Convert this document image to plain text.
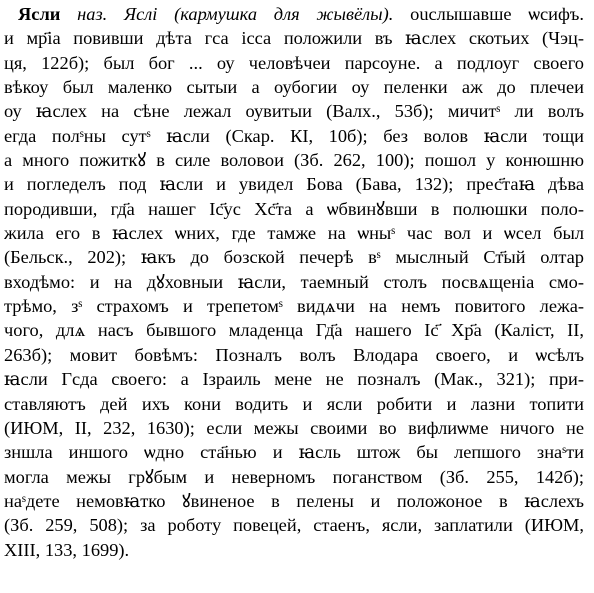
Ясли наз. Яслі (кармушка для жывёлы). ouслышавше ѡсифъ.
и мр҃іа повивши дѣта гса ісса положили въ ꙗслех скотьих (Чэц-
ця, 122б); был бог ... оу человѣчеи парсоуне. а подлоуг своего
вѣкоу был маленко сытыи а оубогии оу пеленки аж до плечеи
оу ꙗслех на сѣне лежал оувитыи (Валх., 53б); мичитˢ ли волъ
егда полˢны сутˢ ꙗсли (Скар. КІ, 10б); без волов ꙗсли тощи
а много пожиткꙋ в силе воловои (Зб. 262, 100); пошол у конюшню
и погледелъ под ꙗсли и увидел Бова (Бава, 132); прес҃таꙗ дѣва
породивши, гд҃а нашег Іс҃ус Хс҃та а ѡбвинꙋвши в полюшки поло-
жила его в ꙗслех ѡних, где тамже на ѡныˢ час вол и ѡсел был
(Бельск., 202); ꙗкъ до бозской печерѣ вˢ мыслный Ст҃ый олтар
входѣмо: и на дꙋховныи ꙗсли, таемный столъ посвѧщеніа смо-
трѣмо, зˢ страхомъ и трепетомˢ видѧчи на немъ повитого лежа-
чого, длѧ насъ бывшого младенца Гд҃а нашего Іс҃ Хр҃а (Каліст, II,
263б); мовит бовѣмъ: Позналъ волъ Влодара своего, и ѡсѣлъ
ꙗсли Гсда своего: а Ізраиль мене не позналъ (Мак., 321); при-
ставляютъ дей ихъ кони водить и ясли робити и лазни топити
(ИЮМ, II, 232, 1630); если межы своими во вифлиѡме ничого не
зншла иншого ѡдно ста҃нью и ꙗсль штож бы лепшого знаˢти
могла межы грꙋбым и неверномъ поганством (Зб. 255, 142б);
наˢдете немовꙗтко ꙋвиненое в пелены и положоное в ꙗслехъ
(Зб. 259, 508); за роботу повецей, стаенъ, ясли, заплатили (ИЮМ,
XIII, 133, 1699).
